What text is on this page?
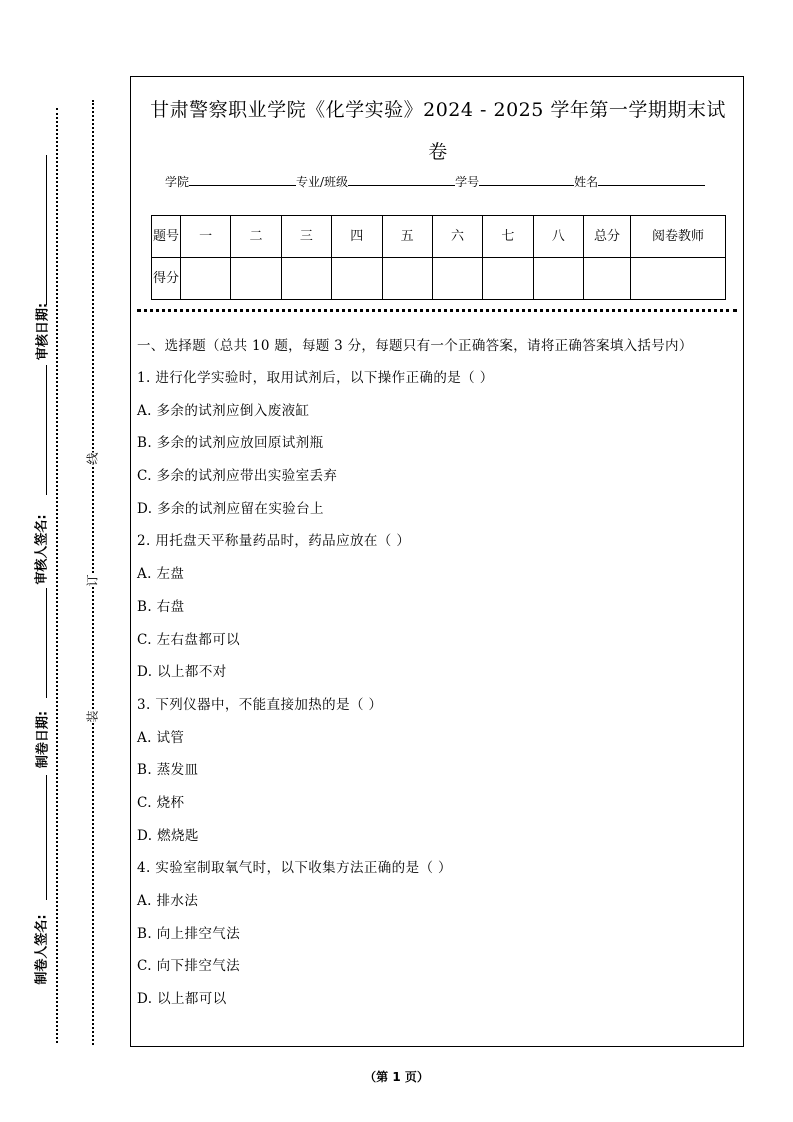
审核日期:
审核人签名:
制卷日期:
制卷人签名:
线
订
装
甘肃警察职业学院《化学实验》2024 - 2025 学年第一学期期末试
卷
学院	专业/班级	学号	姓名
题号	一	二	三	四	五	六	七	八	总分	阅卷教师
得分										

一、选择题（总共 10 题，每题 3 分，每题只有一个正确答案，请将正确答案填入括号内）

1. 进行化学实验时，取用试剂后，以下操作正确的是（ ）
A. 多余的试剂应倒入废液缸
B. 多余的试剂应放回原试剂瓶
C. 多余的试剂应带出实验室丢弃
D. 多余的试剂应留在实验台上
2. 用托盘天平称量药品时，药品应放在（ ）
A. 左盘
B. 右盘
C. 左右盘都可以
D. 以上都不对
3. 下列仪器中，不能直接加热的是（ ）
A. 试管
B. 蒸发皿
C. 烧杯
D. 燃烧匙
4. 实验室制取氧气时，以下收集方法正确的是（ ）
A. 排水法
B. 向上排空气法
C. 向下排空气法
D. 以上都可以
（第 1 页）
